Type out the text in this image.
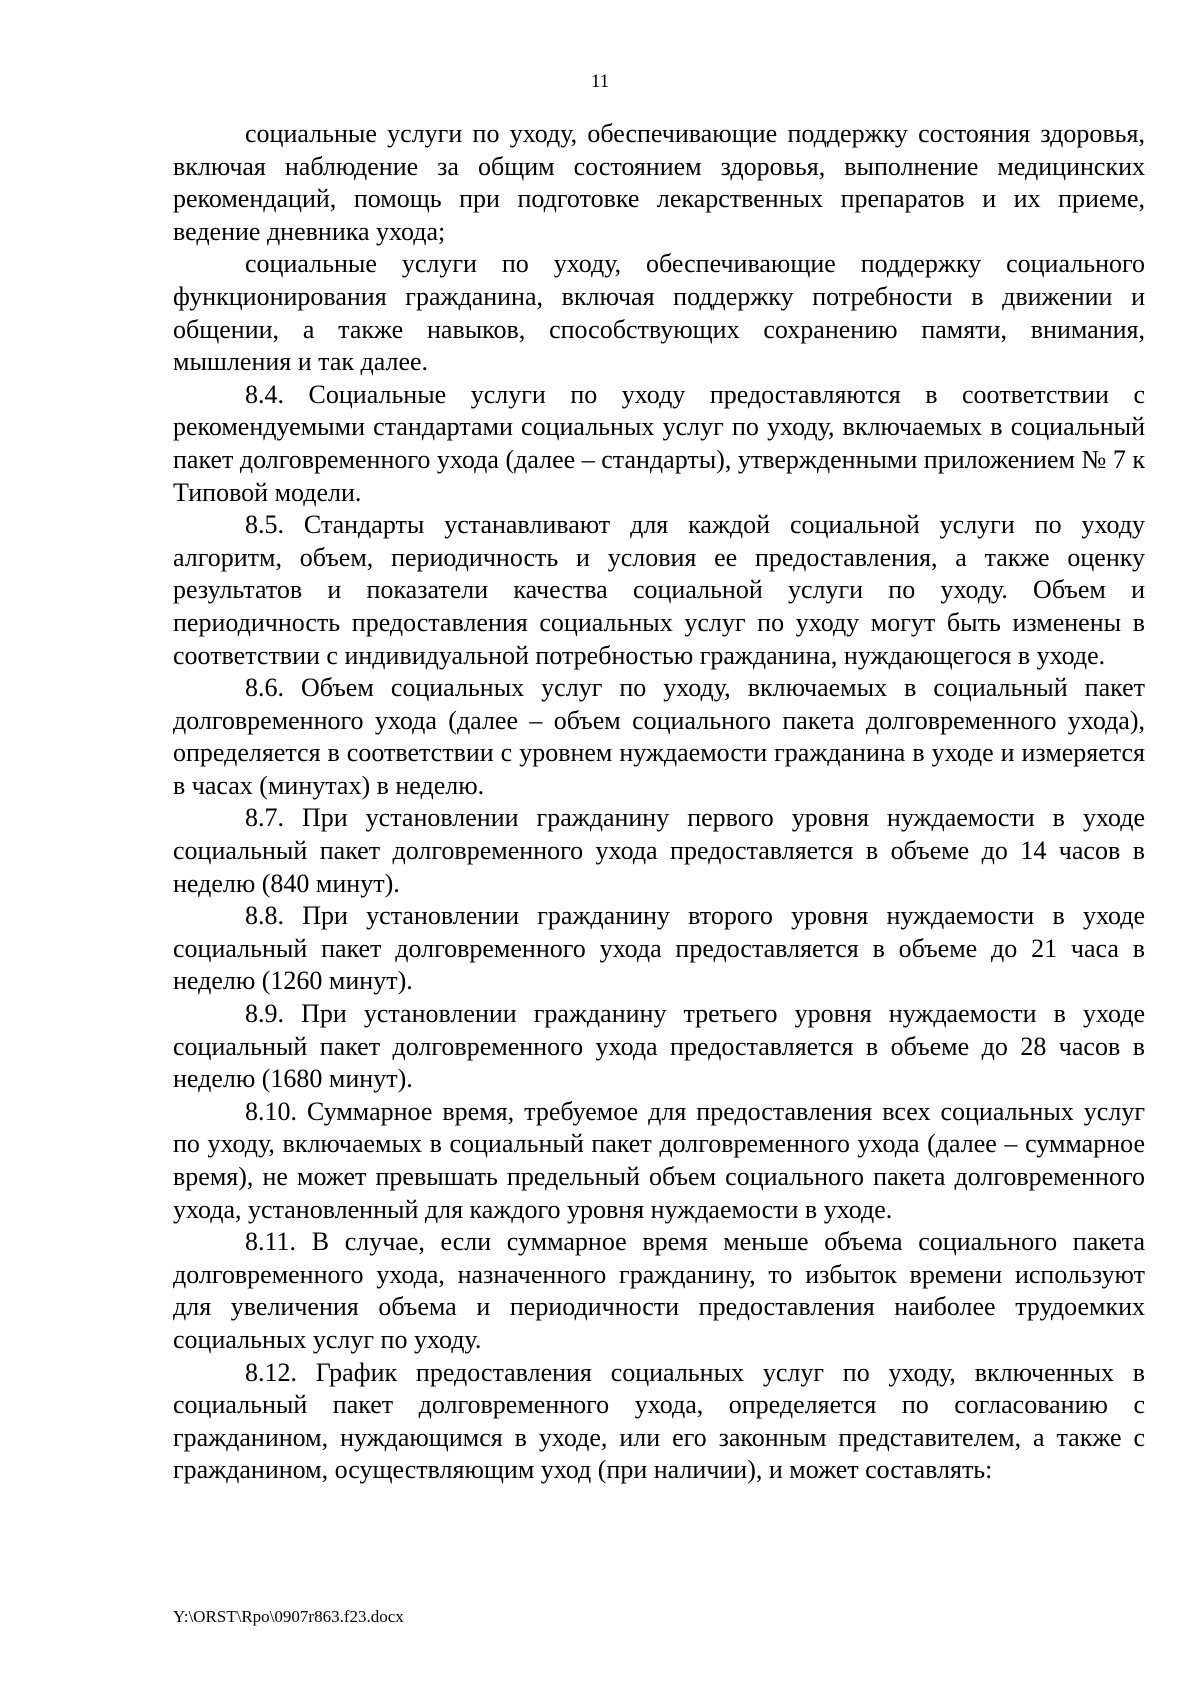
11

социальные услуги по уходу, обеспечивающие поддержку состояния здоровья, включая наблюдение за общим состоянием здоровья, выполнение медицинских рекомендаций, помощь при подготовке лекарственных препаратов и их приеме, ведение дневника ухода;

социальные услуги по уходу, обеспечивающие поддержку социального функционирования гражданина, включая поддержку потребности в движении и общении, а также навыков, способствующих сохранению памяти, внимания, мышления и так далее.

8.4. Социальные услуги по уходу предоставляются в соответствии с рекомендуемыми стандартами социальных услуг по уходу, включаемых в социальный пакет долговременного ухода (далее – стандарты), утвержденными приложением № 7 к Типовой модели.

8.5. Стандарты устанавливают для каждой социальной услуги по уходу алгоритм, объем, периодичность и условия ее предоставления, а также оценку результатов и показатели качества социальной услуги по уходу. Объем и периодичность предоставления социальных услуг по уходу могут быть изменены в соответствии с индивидуальной потребностью гражданина, нуждающегося в уходе.

8.6. Объем социальных услуг по уходу, включаемых в социальный пакет долговременного ухода (далее – объем социального пакета долговременного ухода), определяется в соответствии с уровнем нуждаемости гражданина в уходе и измеряется в часах (минутах) в неделю.

8.7. При установлении гражданину первого уровня нуждаемости в уходе социальный пакет долговременного ухода предоставляется в объеме до 14 часов в неделю (840 минут).

8.8. При установлении гражданину второго уровня нуждаемости в уходе социальный пакет долговременного ухода предоставляется в объеме до 21 часа в неделю (1260 минут).

8.9. При установлении гражданину третьего уровня нуждаемости в уходе социальный пакет долговременного ухода предоставляется в объеме до 28 часов в неделю (1680 минут).

8.10. Суммарное время, требуемое для предоставления всех социальных услуг по уходу, включаемых в социальный пакет долговременного ухода (далее – суммарное время), не может превышать предельный объем социального пакета долговременного ухода, установленный для каждого уровня нуждаемости в уходе.

8.11. В случае, если суммарное время меньше объема социального пакета долговременного ухода, назначенного гражданину, то избыток времени используют для увеличения объема и периодичности предоставления наиболее трудоемких социальных услуг по уходу.

8.12. График предоставления социальных услуг по уходу, включенных в социальный пакет долговременного ухода, определяется по согласованию с гражданином, нуждающимся в уходе, или его законным представителем, а также с гражданином, осуществляющим уход (при наличии), и может составлять:

Y:\ORST\Rpo\0907r863.f23.docx
